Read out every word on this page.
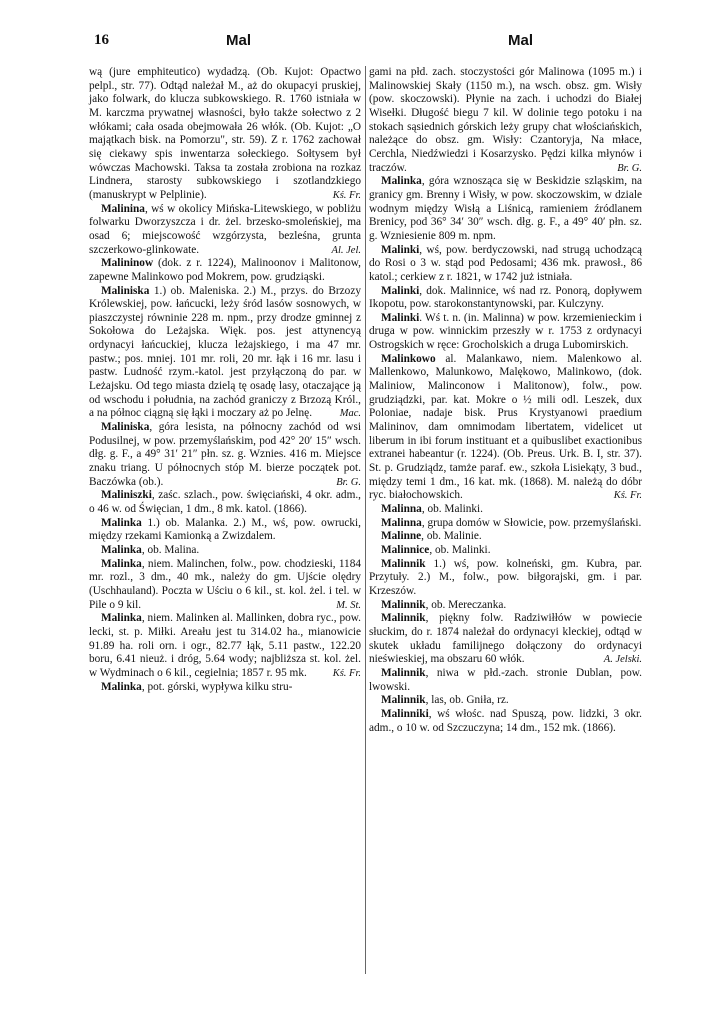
16	Mal	Mal

wą (jure emphiteutico) wydadzą. (Ob. Kujot: Opactwo pelpl., str. 77). Odtąd należał M., aż do okupacyi pruskiej, jako folwark, do klucza subkowskiego. R. 1760 istniała w M. karczma prywatnej własności, było także sołectwo z 2 włókami; cała osada obejmowała 26 włók. (Ob. Kujot: „O majątkach bisk. na Pomorzu", str. 59). Z r. 1762 zachował się ciekawy spis inwentarza sołeckiego. Sołtysem był wówczas Machowski. Taksa ta została zrobiona na rozkaz Lindnera, starosty subkowskiego i szotlandzkiego (manuskrypt w Pelplinie).	Kś. Fr.

Malinina, wś w okolicy Mińska-Litewskiego, w pobliżu folwarku Dworzyszcza i dr. żel. brzesko-smoleńskiej, ma osad 6; miejscowość wzgórzysta, bezleśna, grunta szczerkowo-glinkowate.	Al. Jel.

Malininow (dok. z r. 1224), Malinoonov i Malitonow, zapewne Malinkowo pod Mokrem, pow. grudziąski.

Maliniska 1.) ob. Maleniska. 2.) M., przys. do Brzozy Królewskiej, pow. łańcucki, leży śród lasów sosnowych, w piaszczystej równinie 228 m. npm., przy drodze gminnej z Sokołowa do Leżajska. Więk. pos. jest attynencyą ordynacyi łańcuckiej, klucza leżajskiego, i ma 47 mr. pastw.; pos. mniej. 101 mr. roli, 20 mr. łąk i 16 mr. lasu i pastw. Ludność rzym.-katol. jest przyłączoną do par. w Leżajsku. Od tego miasta dzielą tę osadę lasy, otaczające ją od wschodu i południa, na zachód graniczy z Brzozą Król., a na północ ciągną się łąki i moczary aż po Jelnę.	Mac.

Maliniska, góra lesista, na północny zachód od wsi Podusilnej, w pow. przemyślańskim, pod 42° 20′ 15″ wsch. dłg. g. F., a 49° 31′ 21″ płn. sz. g. Wznies. 416 m. Miejsce znaku triang. U północnych stóp M. bierze początek pot. Baczówka (ob.).	Br. G.

Maliniszki, zaśc. szlach., pow. święciański, 4 okr. adm., o 46 w. od Święcian, 1 dm., 8 mk. katol. (1866).

Malinka 1.) ob. Malanka. 2.) M., wś, pow. owrucki, między rzekami Kamionką a Zwizdalem.

Malinka, ob. Malina.

Malinka, niem. Malinchen, folw., pow. chodzieski, 1184 mr. rozl., 3 dm., 40 mk., należy do gm. Ujście olędry (Uschhauland). Poczta w Uściu o 6 kil., st. kol. żel. i tel. w Pile o 9 kil.	M. St.

Malinka, niem. Malinken al. Mallinken, dobra ryc., pow. lecki, st. p. Miłki. Areału jest tu 314.02 ha., mianowicie 91.89 ha. roli orn. i ogr., 82.77 łąk, 5.11 pastw., 122.20 boru, 6.41 nieuż. i dróg, 5.64 wody; najbliższa st. kol. żel. w Wydminach o 6 kil., cegielnia; 1857 r. 95 mk.	Kś. Fr.

Malinka, pot. górski, wypływa kilku stru-

gami na płd. zach. stoczystości gór Malinowa (1095 m.) i Malinowskiej Skały (1150 m.), na wsch. obsz. gm. Wisły (pow. skoczowski). Płynie na zach. i uchodzi do Białej Wisełki. Długość biegu 7 kil. W dolinie tego potoku i na stokach sąsiednich górskich leży grupy chat włościańskich, należące do obsz. gm. Wisły: Czantoryja, Na młace, Cerchla, Niedźwiedzi i Kosarzysko. Pędzi kilka młynów i traczów.	Br. G.

Malinka, góra wznosząca się w Beskidzie szląskim, na granicy gm. Brenny i Wisły, w pow. skoczowskim, w dziale wodnym między Wisłą a Liśnicą, ramieniem źródlanem Brenicy, pod 36° 34′ 30″ wsch. dłg. g. F., a 49° 40′ płn. sz. g. Wzniesienie 809 m. npm.

Malinki, wś, pow. berdyczowski, nad strugą uchodzącą do Rosi o 3 w. stąd pod Pedosami; 436 mk. prawosł., 86 katol.; cerkiew z r. 1821, w 1742 już istniała.

Malinki, dok. Malinnice, wś nad rz. Ponorą, dopływem Ikopotu, pow. starokonstantynowski, par. Kulczyny.

Malinki. Wś t. n. (in. Malinna) w pow. krzemienieckim i druga w pow. winnickim przeszły w r. 1753 z ordynacyi Ostrogskich w ręce: Grocholskich a druga Lubomirskich.

Malinkowo al. Malankawo, niem. Malenkowo al. Mallenkowo, Malunkowo, Malękowo, Malinkowo, (dok. Maliniow, Malinconow i Malitonow), folw., pow. grudziądzki, par. kat. Mokre o ½ mili odl. Leszek, dux Poloniae, nadaje bisk. Prus Krystyanowi praedium Malininov, dam omnimodam libertatem, videlicet ut liberum in ibi forum instituant et a quibuslibet exactionibus extranei habeantur (r. 1224). (Ob. Preus. Urk. B. I, str. 37). St. p. Grudziądz, tamże paraf. ew., szkoła Lisiekąty, 3 bud., między temi 1 dm., 16 kat. mk. (1868). M. należą do dóbr ryc. białochowskich.	Kś. Fr.

Malinna, ob. Malinki.

Malinna, grupa domów w Słowicie, pow. przemyślański.

Malinne, ob. Malinie.

Malinnice, ob. Malinki.

Malinnik 1.) wś, pow. kolneński, gm. Kubra, par. Przytuły. 2.) M., folw., pow. biłgorajski, gm. i par. Krzeszów.

Malinnik, ob. Mereczanka.

Malinnik, piękny folw. Radziwiłłów w powiecie słuckim, do r. 1874 należał do ordynacyi kleckiej, odtąd w skutek układu familijnego dołączony do ordynacyi nieświeskiej, ma obszaru 60 włók.	A. Jelski.

Malinnik, niwa w płd.-zach. stronie Dublan, pow. lwowski.

Malinnik, las, ob. Gniła, rz.

Malinniki, wś włośc. nad Spuszą, pow. lidzki, 3 okr. adm., o 10 w. od Szczuczyna; 14 dm., 152 mk. (1866).
